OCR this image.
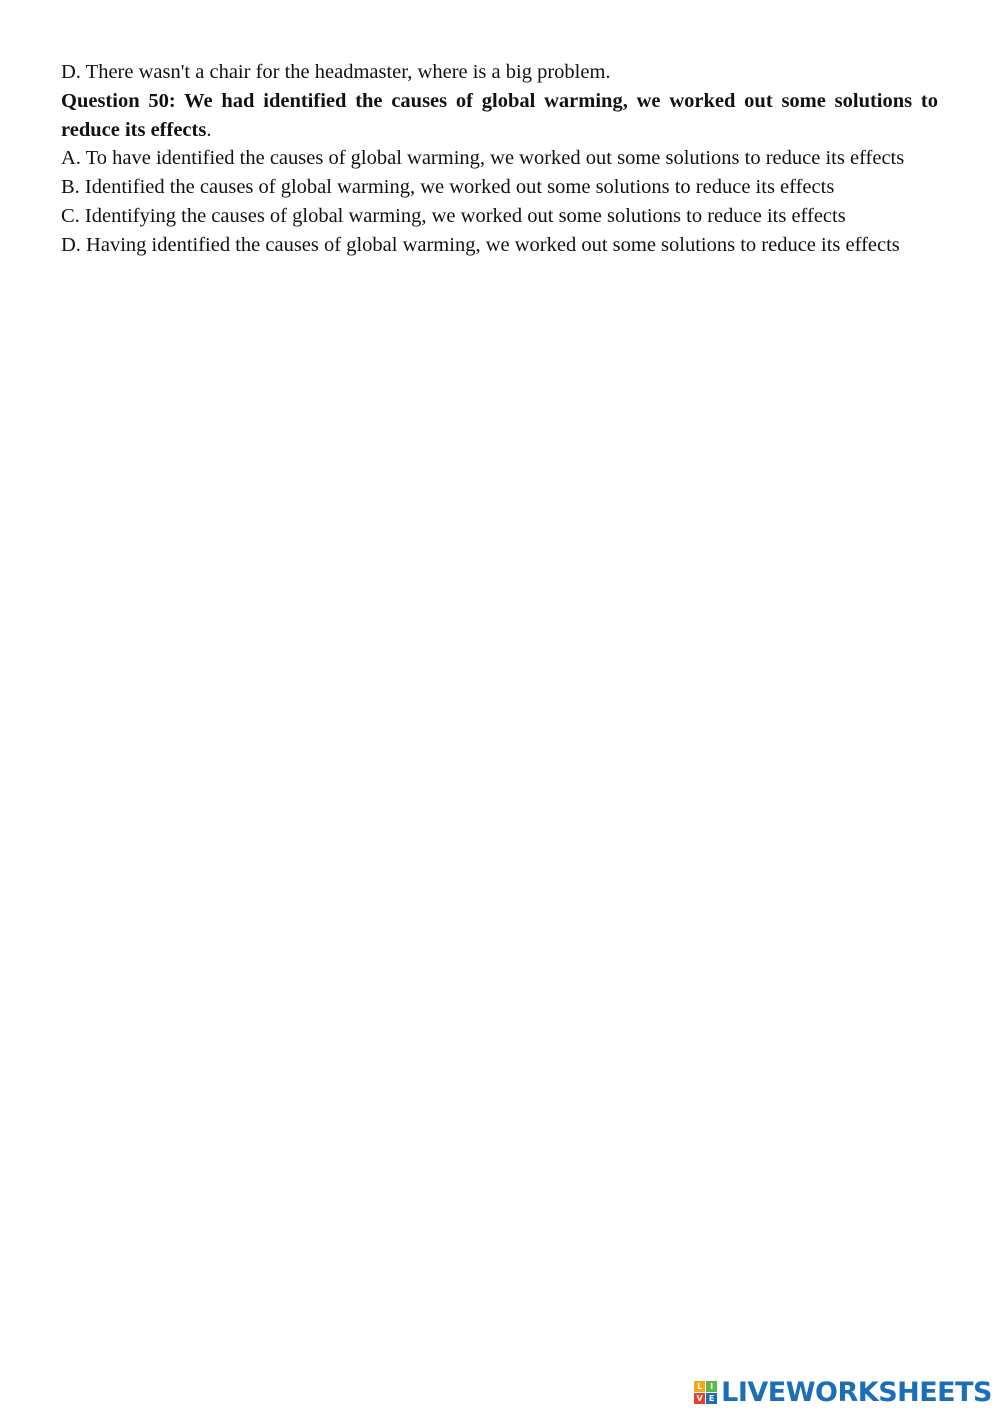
D. There wasn't a chair for the headmaster, where is a big problem.

Question 50: We had identified the causes of global warming, we worked out some solutions to reduce its effects.

A. To have identified the causes of global warming, we worked out some solutions to reduce its effects

B. Identified the causes of global warming, we worked out some solutions to reduce its effects

C. Identifying the causes of global warming, we worked out some solutions to reduce its effects

D. Having identified the causes of global warming, we worked out some solutions to reduce its effects

L I
V E LIVEWORKSHEETS
